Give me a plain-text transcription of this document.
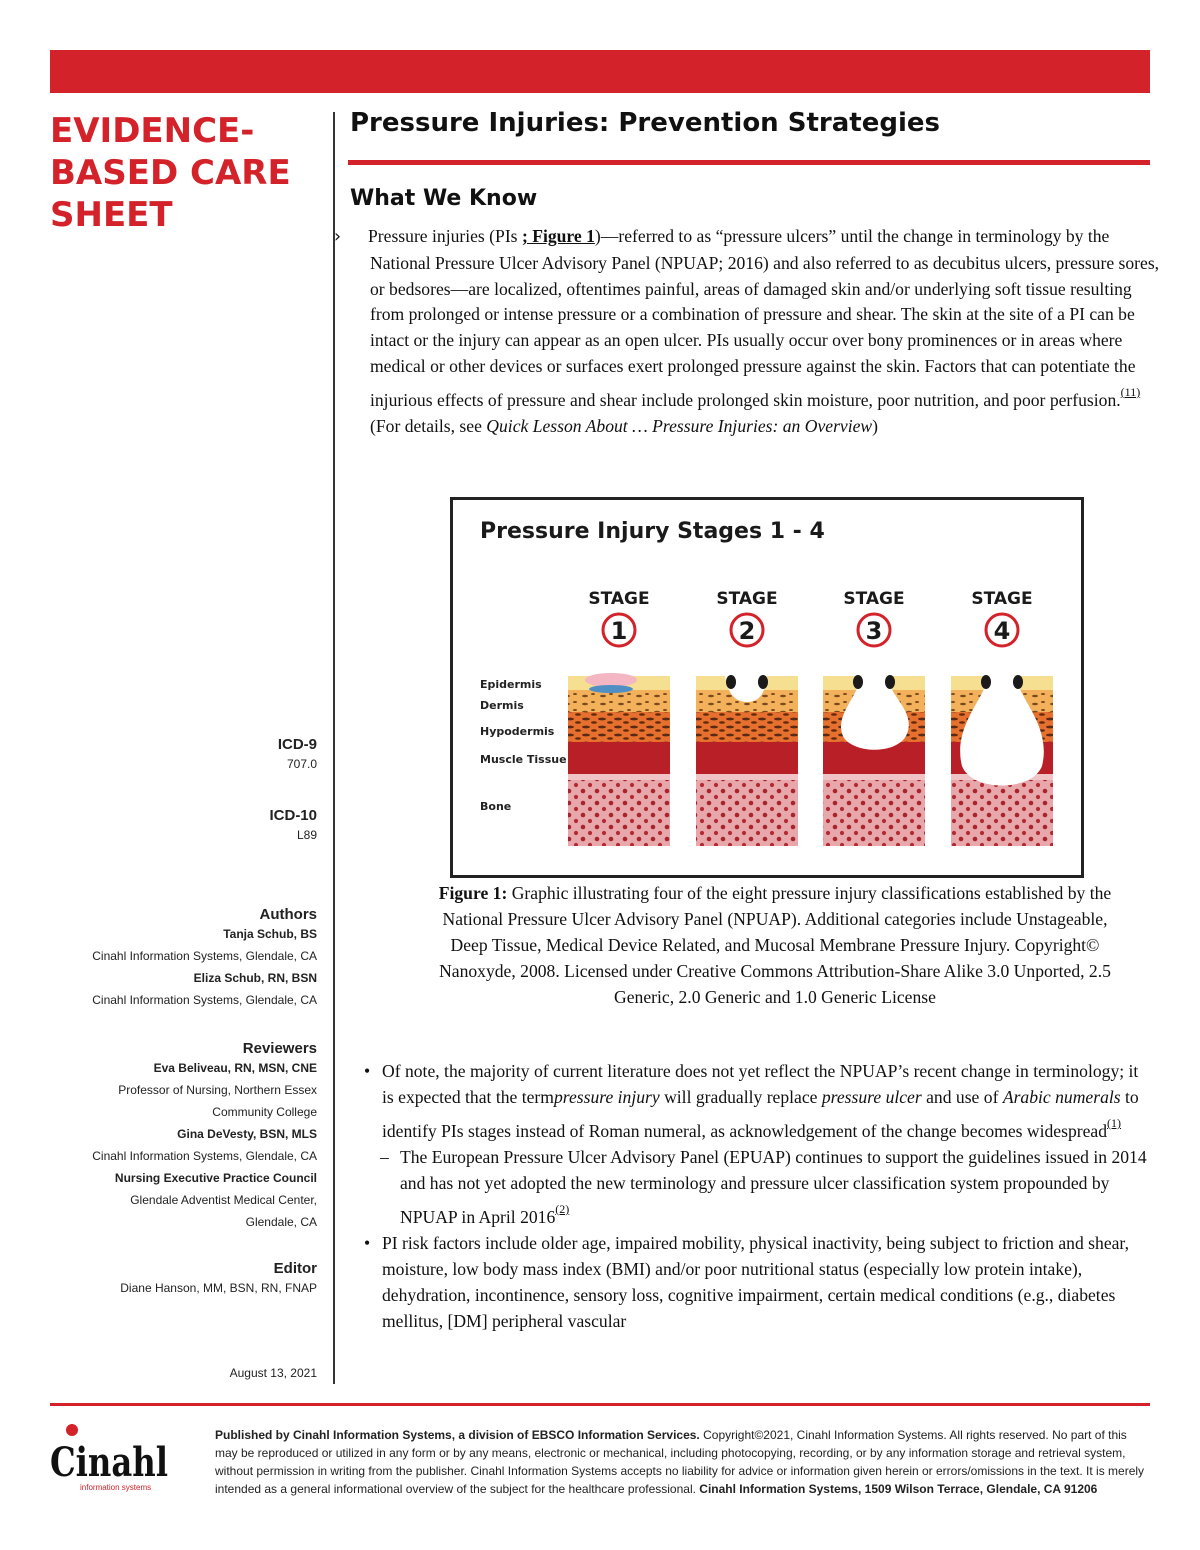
EVIDENCE-BASED CARE SHEET
Pressure Injuries: Prevention Strategies
What We Know
› Pressure injuries (PIs ; Figure 1)—referred to as “pressure ulcers” until the change in terminology by the National Pressure Ulcer Advisory Panel (NPUAP; 2016) and also referred to as decubitus ulcers, pressure sores, or bedsores—are localized, oftentimes painful, areas of damaged skin and/or underlying soft tissue resulting from prolonged or intense pressure or a combination of pressure and shear. The skin at the site of a PI can be intact or the injury can appear as an open ulcer. PIs usually occur over bony prominences or in areas where medical or other devices or surfaces exert prolonged pressure against the skin. Factors that can potentiate the injurious effects of pressure and shear include prolonged skin moisture, poor nutrition, and poor perfusion.$^{(11)}$ (For details, see Quick Lesson About … Pressure Injuries: an Overview)
Pressure Injury Stages 1 - 4
Epidermis
Dermis
Hypodermis
Muscle Tissue
Bone
STAGE
1
STAGE
2
STAGE
3
STAGE
4
Figure 1: Graphic illustrating four of the eight pressure injury classifications established by the National Pressure Ulcer Advisory Panel (NPUAP). Additional categories include Unstageable, Deep Tissue, Medical Device Related, and Mucosal Membrane Pressure Injury. Copyright© Nanoxyde, 2008. Licensed under Creative Commons Attribution-Share Alike 3.0 Unported, 2.5 Generic, 2.0 Generic and 1.0 Generic License
• Of note, the majority of current literature does not yet reflect the NPUAP’s recent change in terminology; it is expected that the termpressure injury will gradually replace pressure ulcer and use of Arabic numerals to identify PIs stages instead of Roman numeral, as acknowledgement of the change becomes widespread$^{(1)}$
– The European Pressure Ulcer Advisory Panel (EPUAP) continues to support the guidelines issued in 2014 and has not yet adopted the new terminology and pressure ulcer classification system propounded by NPUAP in April 2016$^{(2)}$
• PI risk factors include older age, impaired mobility, physical inactivity, being subject to friction and shear, moisture, low body mass index (BMI) and/or poor nutritional status (especially low protein intake), dehydration, incontinence, sensory loss, cognitive impairment, certain medical conditions (e.g., diabetes mellitus, [DM] peripheral vascular

ICD-9

707.0

ICD-10

L89

Authors

Tanja Schub, BS

Cinahl Information Systems, Glendale, CA

Eliza Schub, RN, BSN

Cinahl Information Systems, Glendale, CA

Reviewers

Eva Beliveau, RN, MSN, CNE

Professor of Nursing, Northern Essex

Community College

Gina DeVesty, BSN, MLS

Cinahl Information Systems, Glendale, CA

Nursing Executive Practice Council

Glendale Adventist Medical Center,

Glendale, CA

Editor

Diane Hanson, MM, BSN, RN, FNAP

August 13, 2021

Cinahl
information systems
Published by Cinahl Information Systems, a division of EBSCO Information Services. Copyright©2021, Cinahl Information Systems. All rights reserved. No part of this may be reproduced or utilized in any form or by any means, electronic or mechanical, including photocopying, recording, or by any information storage and retrieval system, without permission in writing from the publisher. Cinahl Information Systems accepts no liability for advice or information given herein or errors/omissions in the text. It is merely intended as a general informational overview of the subject for the healthcare professional. Cinahl Information Systems, 1509 Wilson Terrace, Glendale, CA 91206
